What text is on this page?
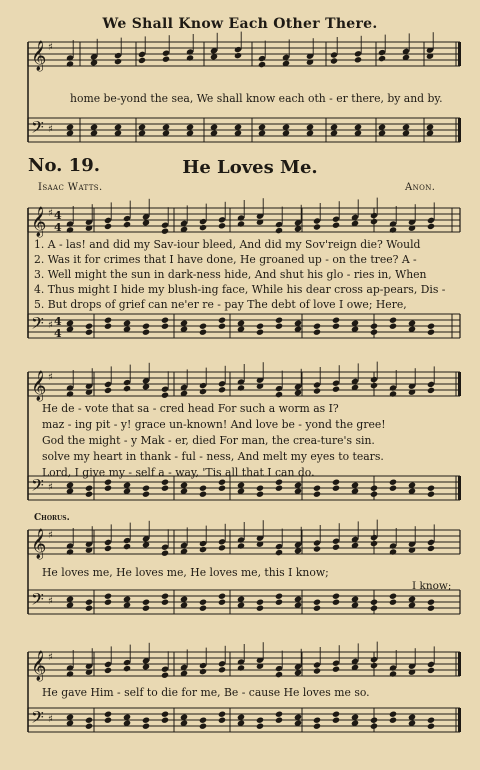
𝄞
𝄢
♯
♯
𝄞
𝄢
♯
♯
𝄞
𝄢
♯
♯
𝄞
𝄢
♯
♯
𝄞
𝄢
♯
♯
4
4
4
4
We Shall Know Each Other There.
home be-yond the sea, We shall know each oth - er there, by and by.
No. 19.	He Loves Me.
Isaac Watts.	Anon.
1. A - las! and did my Sav-iour bleed, And did my Sov'reign die? Would
2. Was it for crimes that I have done, He groaned up - on the tree? A -
3. Well might the sun in dark-ness hide, And shut his glo - ries in, When
4. Thus might I hide my blush-ing face, While his dear cross ap-pears, Dis -
5. But drops of grief can ne'er re - pay The debt of love I owe; Here,
He de - vote that sa - cred head For such a worm as I?
maz - ing pit - y! grace un-known! And love be - yond the gree!
God the might - y Mak - er, died For man, the crea-ture's sin.
solve my heart in thank - ful - ness, And melt my eyes to tears.
Lord, I give my - self a - way, 'Tis all that I can do.
Chorus.
He loves me, He loves me, He loves me, this I know;
I know;
He gave Him - self to die for me, Be - cause He loves me so.
